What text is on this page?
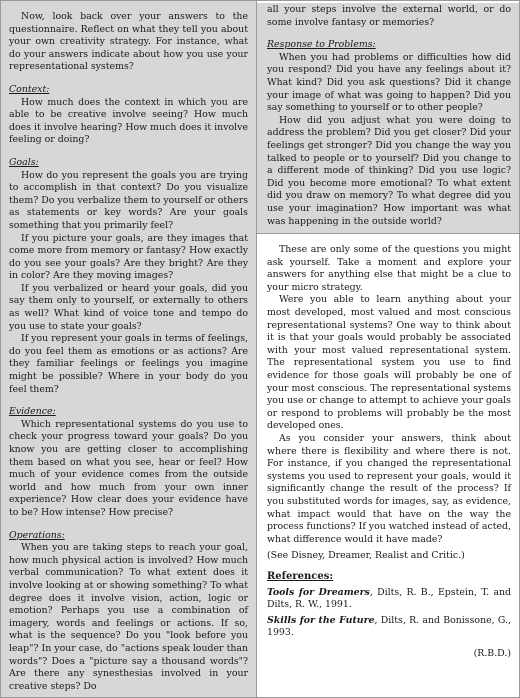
Now, look back over your answers to the questionnaire. Reflect on what they tell you about your own creativity strategy. For instance, what do your answers indicate about how you use your representational systems?

Context:

How much does the context in which you are able to be creative involve seeing? How much does it involve hearing? How much does it involve feeling or doing?

Goals:

How do you represent the goals you are trying to accomplish in that context? Do you visualize them? Do you verbalize them to yourself or others as statements or key words? Are your goals something that you primarily feel?

If you picture your goals, are they images that come more from memory or fantasy? How exactly do you see your goals? Are they bright? Are they in color? Are they moving images?

If you verbalized or heard your goals, did you say them only to yourself, or externally to others as well? What kind of voice tone and tempo do you use to state your goals?

If you represent your goals in terms of feelings, do you feel them as emotions or as actions? Are they familiar feelings or feelings you imagine might be possible? Where in your body do you feel them?

Evidence:

Which representational systems do you use to check your progress toward your goals? Do you know you are getting closer to accomplishing them based on what you see, hear or feel? How much of your evidence comes from the outside world and how much from your own inner experience? How clear does your evidence have to be? How intense? How precise?

Operations:

When you are taking steps to reach your goal, how much physical action is involved? How much verbal communication? To what extent does it involve looking at or showing something? To what degree does it involve vision, action, logic or emotion? Perhaps you use a combination of imagery, words and feelings or actions. If so, what is the sequence? Do you "look before you leap"? In your case, do "actions speak louder than words"? Does a "picture say a thousand words"? Are there any synesthesias involved in your creative steps? Do

all your steps involve the external world, or do some involve fantasy or memories?

Response to Problems:

When you had problems or difficulties how did you respond? Did you have any feelings about it? What kind? Did you ask questions? Did it change your image of what was going to happen? Did you say something to yourself or to other people?

How did you adjust what you were doing to address the problem? Did you get closer? Did your feelings get stronger? Did you change the way you talked to people or to yourself? Did you change to a different mode of thinking? Did you use logic? Did you become more emotional? To what extent did you draw on memory? To what degree did you use your imagination? How important was what was happening in the outside world?

These are only some of the questions you might ask yourself. Take a moment and explore your answers for anything else that might be a clue to your micro strategy.

Were you able to learn anything about your most developed, most valued and most conscious representational systems? One way to think about it is that your goals would probably be associated with your most valued representational system. The representational system you use to find evidence for those goals will probably be one of your most conscious. The representational systems you use or change to attempt to achieve your goals or respond to problems will probably be the most developed ones.

As you consider your answers, think about where there is flexibility and where there is not. For instance, if you changed the representational systems you used to represent your goals, would it significantly change the result of the process? If you substituted words for images, say, as evidence, what impact would that have on the way the process functions? If you watched instead of acted, what difference would it have made?

(See Disney, Dreamer, Realist and Critic.)

References:

Tools for Dreamers, Dilts, R. B., Epstein, T. and Dilts, R. W., 1991.

Skills for the Future, Dilts, R. and Bonissone, G., 1993.

(R.B.D.)
